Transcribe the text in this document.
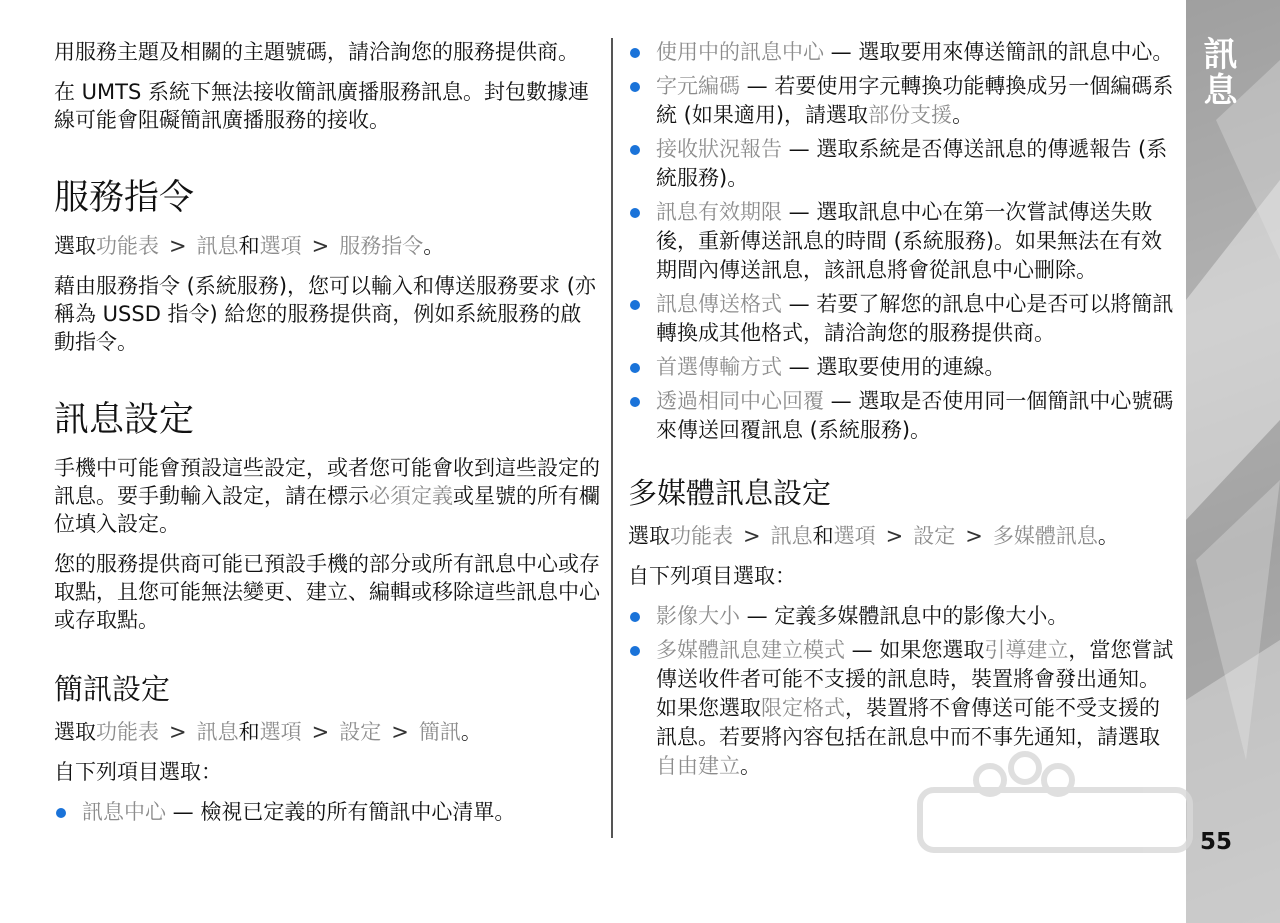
訊息
55

用服務主題及相關的主題號碼，請洽詢您的服務提供商。

在 UMTS 系統下無法接收簡訊廣播服務訊息。封包數據連線可能會阻礙簡訊廣播服務的接收。

服務指令

選取功能表 > 訊息和選項 > 服務指令。

藉由服務指令 (系統服務)，您可以輸入和傳送服務要求 (亦稱為 USSD 指令) 給您的服務提供商，例如系統服務的啟動指令。

訊息設定

手機中可能會預設這些設定，或者您可能會收到這些設定的訊息。要手動輸入設定，請在標示必須定義或星號的所有欄位填入設定。

您的服務提供商可能已預設手機的部分或所有訊息中心或存取點，且您可能無法變更、建立、編輯或移除這些訊息中心或存取點。

簡訊設定

選取功能表 > 訊息和選項 > 設定 > 簡訊。

自下列項目選取：

訊息中心 — 檢視已定義的所有簡訊中心清單。
使用中的訊息中心 — 選取要用來傳送簡訊的訊息中心。
字元編碼 — 若要使用字元轉換功能轉換成另一個編碼系統 (如果適用)，請選取部份支援。
接收狀況報告 — 選取系統是否傳送訊息的傳遞報告 (系統服務)。
訊息有效期限 — 選取訊息中心在第一次嘗試傳送失敗後，重新傳送訊息的時間 (系統服務)。如果無法在有效期間內傳送訊息，該訊息將會從訊息中心刪除。
訊息傳送格式 — 若要了解您的訊息中心是否可以將簡訊轉換成其他格式，請洽詢您的服務提供商。
首選傳輸方式 — 選取要使用的連線。
透過相同中心回覆 — 選取是否使用同一個簡訊中心號碼來傳送回覆訊息 (系統服務)。
多媒體訊息設定

選取功能表 > 訊息和選項 > 設定 > 多媒體訊息。

自下列項目選取：

影像大小 — 定義多媒體訊息中的影像大小。
多媒體訊息建立模式 — 如果您選取引導建立，當您嘗試傳送收件者可能不支援的訊息時，裝置將會發出通知。如果您選取限定格式，裝置將不會傳送可能不受支援的訊息。若要將內容包括在訊息中而不事先通知，請選取自由建立。
